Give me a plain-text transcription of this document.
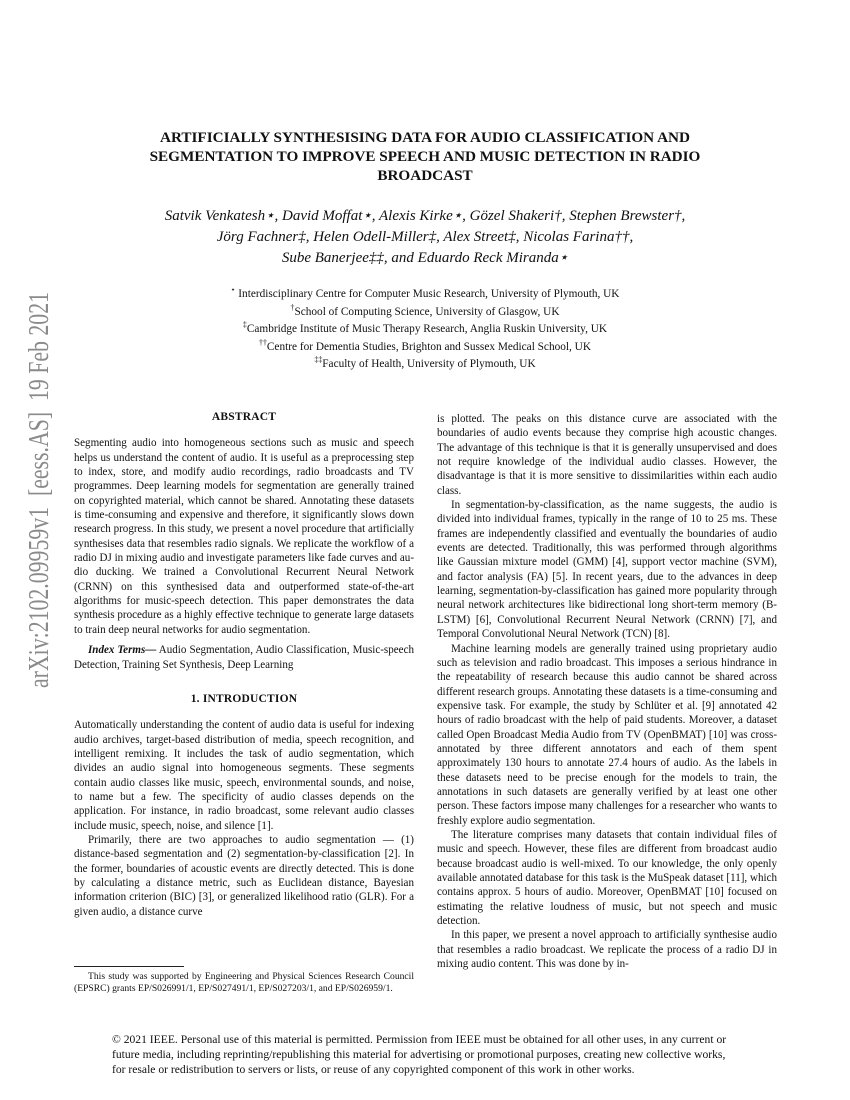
arXiv:2102.09959v1  [eess.AS]  19 Feb 2021
ARTIFICIALLY SYNTHESISING DATA FOR AUDIO CLASSIFICATION AND
SEGMENTATION TO IMPROVE SPEECH AND MUSIC DETECTION IN RADIO
BROADCAST
Satvik Venkatesh⋆, David Moffat⋆, Alexis Kirke⋆, Gözel Shakeri†, Stephen Brewster†,
Jörg Fachner‡, Helen Odell-Miller‡, Alex Street‡, Nicolas Farina††,
Sube Banerjee‡‡, and Eduardo Reck Miranda⋆
⋆ Interdisciplinary Centre for Computer Music Research, University of Plymouth, UK
†School of Computing Science, University of Glasgow, UK
‡Cambridge Institute of Music Therapy Research, Anglia Ruskin University, UK
††Centre for Dementia Studies, Brighton and Sussex Medical School, UK
‡‡Faculty of Health, University of Plymouth, UK
ABSTRACT

Segmenting audio into homogeneous sections such as music and speech helps us understand the content of audio. It is useful as a preprocessing step to index, store, and modify audio recordings, radio broadcasts and TV programmes. Deep learning models for segmentation are generally trained on copyrighted material, which cannot be shared. Annotating these datasets is time-consuming and expensive and therefore, it significantly slows down research progress. In this study, we present a novel procedure that artificially synthesises data that resembles radio signals. We replicate the workflow of a radio DJ in mixing audio and investigate parameters like fade curves and audio ducking. We trained a Convolutional Recurrent Neural Network (CRNN) on this synthesised data and outperformed state-of-the-art algorithms for music-speech detection. This paper demonstrates the data synthesis procedure as a highly effective technique to generate large datasets to train deep neural networks for audio segmentation.

Index Terms— Audio Segmentation, Audio Classification, Music-speech Detection, Training Set Synthesis, Deep Learning

1. INTRODUCTION

Automatically understanding the content of audio data is useful for indexing audio archives, target-based distribution of media, speech recognition, and intelligent remixing. It includes the task of audio segmentation, which divides an audio signal into homogeneous segments. These segments contain audio classes like music, speech, environmental sounds, and noise, to name but a few. The specificity of audio classes depends on the application. For instance, in radio broadcast, some relevant audio classes include music, speech, noise, and silence [1].

Primarily, there are two approaches to audio segmentation — (1) distance-based segmentation and (2) segmentation-by-classification [2]. In the former, boundaries of acoustic events are directly detected. This is done by calculating a distance metric, such as Euclidean distance, Bayesian information criterion (BIC) [3], or generalized likelihood ratio (GLR). For a given audio, a distance curve

is plotted. The peaks on this distance curve are associated with the boundaries of audio events because they comprise high acoustic changes. The advantage of this technique is that it is generally unsupervised and does not require knowledge of the individual audio classes. However, the disadvantage is that it is more sensitive to dissimilarities within each audio class.

In segmentation-by-classification, as the name suggests, the audio is divided into individual frames, typically in the range of 10 to 25 ms. These frames are independently classified and eventually the boundaries of audio events are detected. Traditionally, this was performed through algorithms like Gaussian mixture model (GMM) [4], support vector machine (SVM), and factor analysis (FA) [5]. In recent years, due to the advances in deep learning, segmentation-by-classification has gained more popularity through neural network architectures like bidirectional long short-term memory (B-LSTM) [6], Convolutional Recurrent Neural Network (CRNN) [7], and Temporal Convolutional Neural Network (TCN) [8].

Machine learning models are generally trained using proprietary audio such as television and radio broadcast. This imposes a serious hindrance in the repeatability of research because this audio cannot be shared across different research groups. Annotating these datasets is a time-consuming and expensive task. For example, the study by Schlüter et al. [9] annotated 42 hours of radio broadcast with the help of paid students. Moreover, a dataset called Open Broadcast Media Audio from TV (OpenBMAT) [10] was cross-annotated by three different annotators and each of them spent approximately 130 hours to annotate 27.4 hours of audio. As the labels in these datasets need to be precise enough for the models to train, the annotations in such datasets are generally verified by at least one other person. These factors impose many challenges for a researcher who wants to freshly explore audio segmentation.

The literature comprises many datasets that contain individual files of music and speech. However, these files are different from broadcast audio because broadcast audio is well-mixed. To our knowledge, the only openly available annotated database for this task is the MuSpeak dataset [11], which contains approx. 5 hours of audio. Moreover, OpenBMAT [10] focused on estimating the relative loudness of music, but not speech and music detection.

In this paper, we present a novel approach to artificially synthesise audio that resembles a radio broadcast. We replicate the process of a radio DJ in mixing audio content. This was done by in-

This study was supported by Engineering and Physical Sciences Research Council (EPSRC) grants EP/S026991/1, EP/S027491/1, EP/S027203/1, and EP/S026959/1.

© 2021 IEEE. Personal use of this material is permitted. Permission from IEEE must be obtained for all other uses, in any current or
future media, including reprinting/republishing this material for advertising or promotional purposes, creating new collective works,
for resale or redistribution to servers or lists, or reuse of any copyrighted component of this work in other works.
